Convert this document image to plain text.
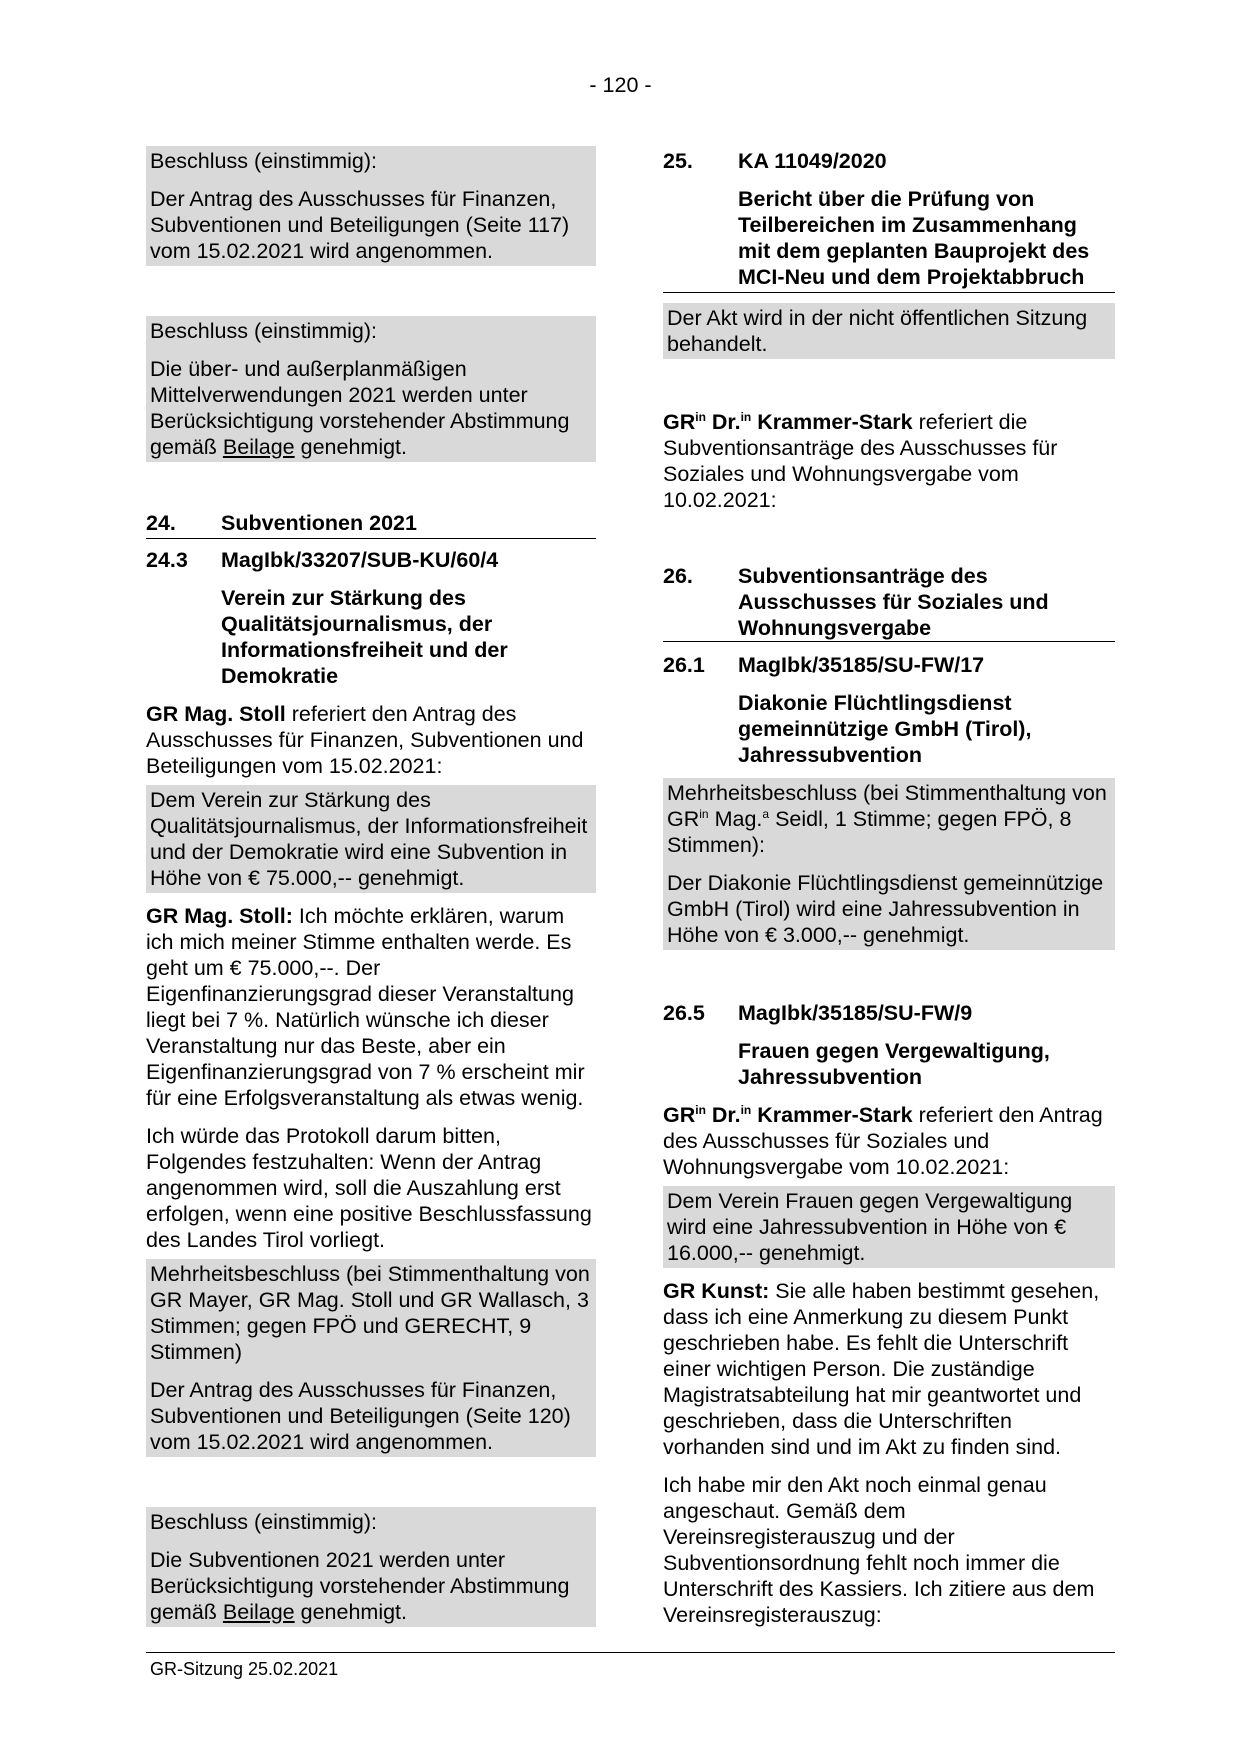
- 120 -

Beschluss (einstimmig):

Der Antrag des Ausschusses für Finanzen, Subventionen und Beteiligungen (Seite 117) vom 15.02.2021 wird angenommen.

Beschluss (einstimmig):

Die über- und außerplanmäßigen Mittelverwendungen 2021 werden unter Berücksichtigung vorstehender Abstimmung gemäß Beilage genehmigt.

24.	Subventionen 2021
24.3	MagIbk/33207/SUB-KU/60/4
Verein zur Stärkung des Qualitätsjournalismus, der Informationsfreiheit und der Demokratie

GR Mag. Stoll referiert den Antrag des Ausschusses für Finanzen, Subventionen und Beteiligungen vom 15.02.2021:

Dem Verein zur Stärkung des Qualitätsjournalismus, der Informationsfreiheit und der Demokratie wird eine Subvention in Höhe von € 75.000,-- genehmigt.

GR Mag. Stoll: Ich möchte erklären, warum ich mich meiner Stimme enthalten werde. Es geht um € 75.000,--. Der Eigenfinanzierungsgrad dieser Veranstaltung liegt bei 7 %. Natürlich wünsche ich dieser Veranstaltung nur das Beste, aber ein Eigenfinanzierungsgrad von 7 % erscheint mir für eine Erfolgsveranstaltung als etwas wenig.

Ich würde das Protokoll darum bitten, Folgendes festzuhalten: Wenn der Antrag angenommen wird, soll die Auszahlung erst erfolgen, wenn eine positive Beschlussfassung des Landes Tirol vorliegt.

Mehrheitsbeschluss (bei Stimmenthaltung von GR Mayer, GR Mag. Stoll und GR Wallasch, 3 Stimmen; gegen FPÖ und GERECHT, 9 Stimmen)

Der Antrag des Ausschusses für Finanzen, Subventionen und Beteiligungen (Seite 120) vom 15.02.2021 wird angenommen.

Beschluss (einstimmig):

Die Subventionen 2021 werden unter Berücksichtigung vorstehender Abstimmung gemäß Beilage genehmigt.

25.	KA 11049/2020
Bericht über die Prüfung von Teilbereichen im Zusammenhang mit dem geplanten Bauprojekt des MCI-Neu und dem Projektabbruch

Der Akt wird in der nicht öffentlichen Sitzung behandelt.

$GR^{in}$ Dr.$^{in}$ Krammer-Stark referiert die Subventionsanträge des Ausschusses für Soziales und Wohnungsvergabe vom 10.02.2021:

26.	Subventionsanträge des Ausschusses für Soziales und Wohnungsvergabe
26.1	MagIbk/35185/SU-FW/17
Diakonie Flüchtlingsdienst gemeinnützige GmbH (Tirol), Jahressubvention

Mehrheitsbeschluss (bei Stimmenthaltung von $GR^{in}$ Mag.$^a$ Seidl, 1 Stimme; gegen FPÖ, 8 Stimmen):

Der Diakonie Flüchtlingsdienst gemeinnützige GmbH (Tirol) wird eine Jahressubvention in Höhe von € 3.000,-- genehmigt.

26.5	MagIbk/35185/SU-FW/9
Frauen gegen Vergewaltigung, Jahressubvention

$GR^{in}$ Dr.$^{in}$ Krammer-Stark referiert den Antrag des Ausschusses für Soziales und Wohnungsvergabe vom 10.02.2021:

Dem Verein Frauen gegen Vergewaltigung wird eine Jahressubvention in Höhe von € 16.000,-- genehmigt.

GR Kunst: Sie alle haben bestimmt gesehen, dass ich eine Anmerkung zu diesem Punkt geschrieben habe. Es fehlt die Unterschrift einer wichtigen Person. Die zuständige Magistratsabteilung hat mir geantwortet und geschrieben, dass die Unterschriften vorhanden sind und im Akt zu finden sind.

Ich habe mir den Akt noch einmal genau angeschaut. Gemäß dem Vereinsregisterauszug und der Subventionsordnung fehlt noch immer die Unterschrift des Kassiers. Ich zitiere aus dem Vereinsregisterauszug:

GR-Sitzung 25.02.2021
